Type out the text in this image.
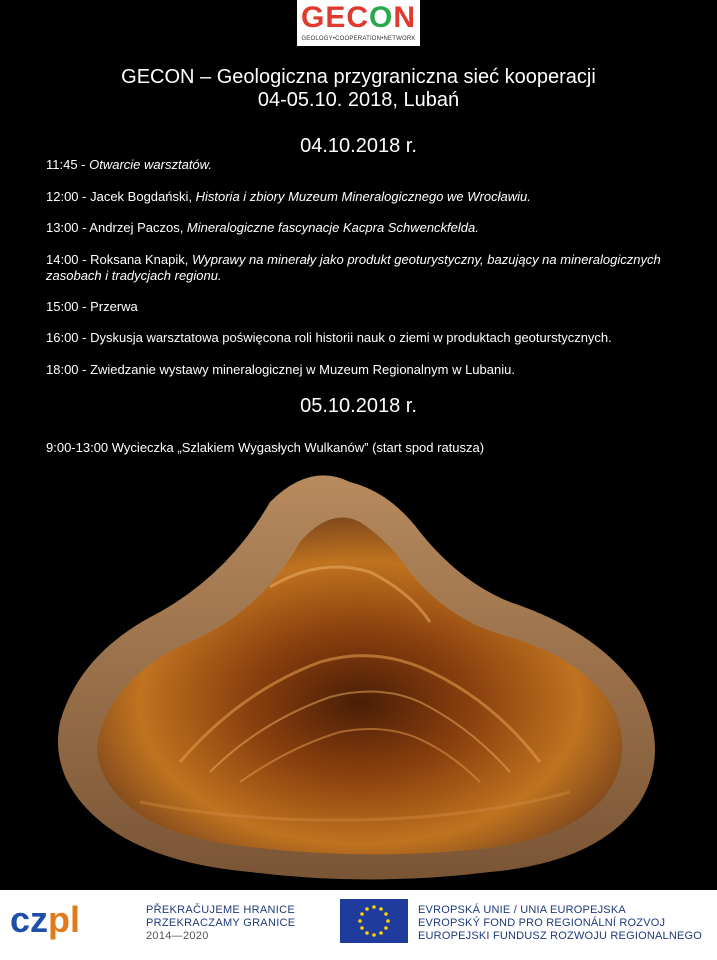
GECON
GEOLOGY•COOPERATION•NETWORK
GECON – Geologiczna przygraniczna sieć kooperacji
04-05.10. 2018, Lubań
04.10.2018 r.
11:45 - Otwarcie warsztatów.
12:00 - Jacek Bogdański, Historia i zbiory Muzeum Mineralogicznego we Wrocławiu.
13:00 - Andrzej Paczos, Mineralogiczne fascynacje Kacpra Schwenckfelda.
14:00 - Roksana Knapik, Wyprawy na minerały jako produkt geoturystyczny, bazujący na mineralogicznych zasobach i tradycjach regionu.
15:00 - Przerwa
16:00 - Dyskusja warsztatowa poświęcona roli historii nauk o ziemi w produktach geoturstycznych.
18:00 - Zwiedzanie wystawy mineralogicznej w Muzeum Regionalnym w Lubaniu.
05.10.2018 r.
9:00-13:00 Wycieczka „Szlakiem Wygasłych Wulkanów” (start spod ratusza)
czpl	PŘEKRAČUJEME HRANICE
PRZEKRACZAMY GRANICE
2014—2020
EVROPSKÁ UNIE / UNIA EUROPEJSKA
EVROPSKÝ FOND PRO REGIONÁLNÍ ROZVOJ
EUROPEJSKI FUNDUSZ ROZWOJU REGIONALNEGO
